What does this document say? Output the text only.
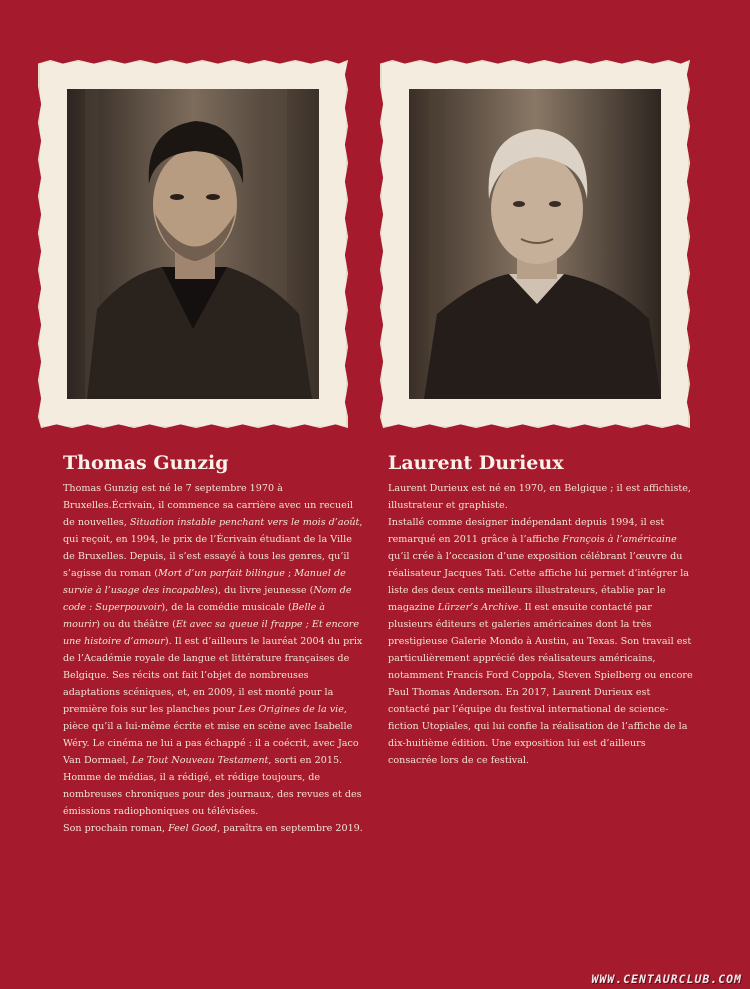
Thomas Gunzig

Thomas Gunzig est né le 7 septembre 1970 à Bruxelles.Écrivain, il commence sa carrière avec un recueil de nouvelles, Situation instable penchant vers le mois d’août, qui reçoit, en 1994, le prix de l’Écrivain étudiant de la Ville de Bruxelles. Depuis, il s’est essayé à tous les genres, qu’il s’agisse du roman (Mort d’un parfait bilingue ; Manuel de survie à l’usage des incapables), du livre jeunesse (Nom de code : Superpouvoir), de la comédie musicale (Belle à mourir) ou du théâtre (Et avec sa queue il frappe ; Et encore une histoire d’amour). Il est d’ailleurs le lauréat 2004 du prix de l’Académie royale de langue et littérature françaises de Belgique. Ses récits ont fait l’objet de nombreuses adaptations scéniques, et, en 2009, il est monté pour la première fois sur les planches pour Les Origines de la vie, pièce qu’il a lui-même écrite et mise en scène avec Isabelle Wéry. Le cinéma ne lui a pas échappé : il a coécrit, avec Jaco Van Dormael, Le Tout Nouveau Testament, sorti en 2015. Homme de médias, il a rédigé, et rédige toujours, de nombreuses chroniques pour des journaux, des revues et des émissions radiophoniques ou télévisées.
Son prochain roman, Feel Good, paraîtra en septembre 2019.

Laurent Durieux

Laurent Durieux est né en 1970, en Belgique ; il est affichiste, illustrateur et graphiste.
Installé comme designer indépendant depuis 1994, il est remarqué en 2011 grâce à l’affiche François à l’américaine qu’il crée à l’occasion d’une exposition célébrant l’œuvre du réalisateur Jacques Tati. Cette affiche lui permet d’intégrer la liste des deux cents meilleurs illustrateurs, établie par le magazine Lürzer’s Archive. Il est ensuite contacté par plusieurs éditeurs et galeries américaines dont la très prestigieuse Galerie Mondo à Austin, au Texas. Son travail est particulièrement apprécié des réalisateurs américains, notamment Francis Ford Coppola, Steven Spielberg ou encore Paul Thomas Anderson. En 2017, Laurent Durieux est contacté par l’équipe du festival international de science-fiction Utopiales, qui lui confie la réalisation de l’affiche de la dix-huitième édition. Une exposition lui est d’ailleurs consacrée lors de ce festival.

WWW.CENTAURCLUB.COM
